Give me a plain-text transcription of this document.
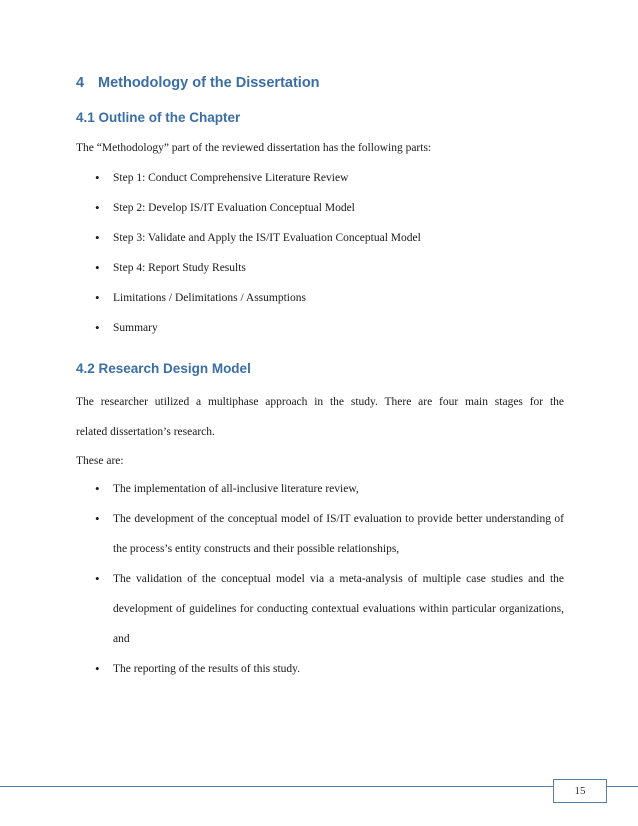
4 Methodology of the Dissertation
4.1 Outline of the Chapter

The “Methodology” part of the reviewed dissertation has the following parts:

• Step 1: Conduct Comprehensive Literature Review
• Step 2: Develop IS/IT Evaluation Conceptual Model
• Step 3: Validate and Apply the IS/IT Evaluation Conceptual Model
• Step 4: Report Study Results
• Limitations / Delimitations / Assumptions
• Summary
4.2 Research Design Model

The researcher utilized a multiphase approach in the study. There are four main stages for the

related dissertation’s research.

These are:

• The implementation of all-inclusive literature review,
• The development of the conceptual model of IS/IT evaluation to provide better understanding of the process’s entity constructs and their possible relationships,
• The validation of the conceptual model via a meta-analysis of multiple case studies and the development of guidelines for conducting contextual evaluations within particular organizations, and
• The reporting of the results of this study.
15
